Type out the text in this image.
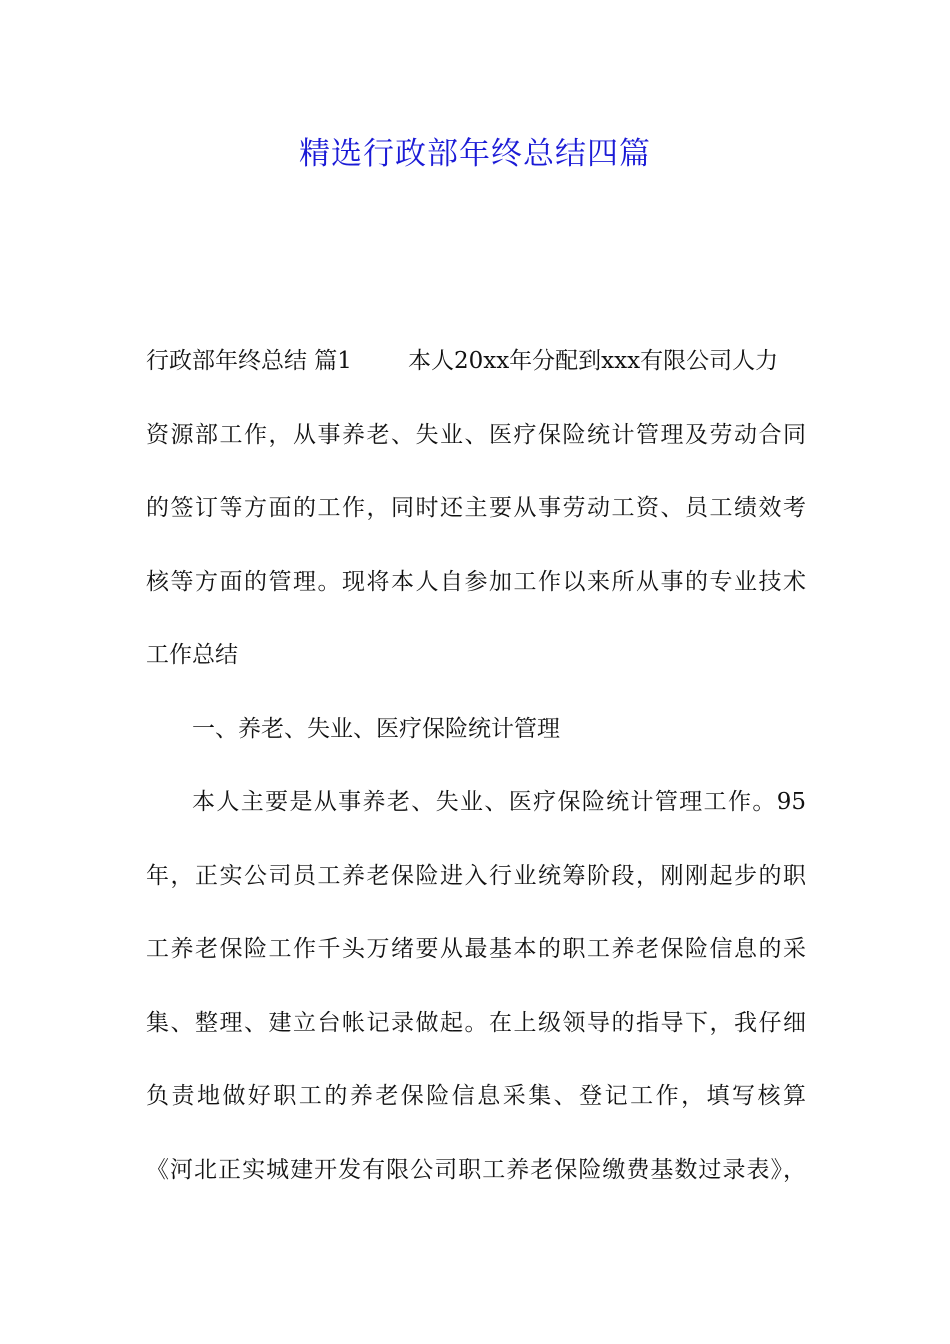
精选行政部年终总结四篇
行政部年终总结 篇1 本人20xx年分配到xxx有限公司人力
资源部工作，从事养老、失业、医疗保险统计管理及劳动合同
的签订等方面的工作，同时还主要从事劳动工资、员工绩效考
核等方面的管理。现将本人自参加工作以来所从事的专业技术
工作总结
一、养老、失业、医疗保险统计管理
本人主要是从事养老、失业、医疗保险统计管理工作。95
年，正实公司员工养老保险进入行业统筹阶段，刚刚起步的职
工养老保险工作千头万绪要从最基本的职工养老保险信息的采
集、整理、建立台帐记录做起。在上级领导的指导下，我仔细
负责地做好职工的养老保险信息采集、登记工作，填写核算
《河北正实城建开发有限公司职工养老保险缴费基数过录表》，
